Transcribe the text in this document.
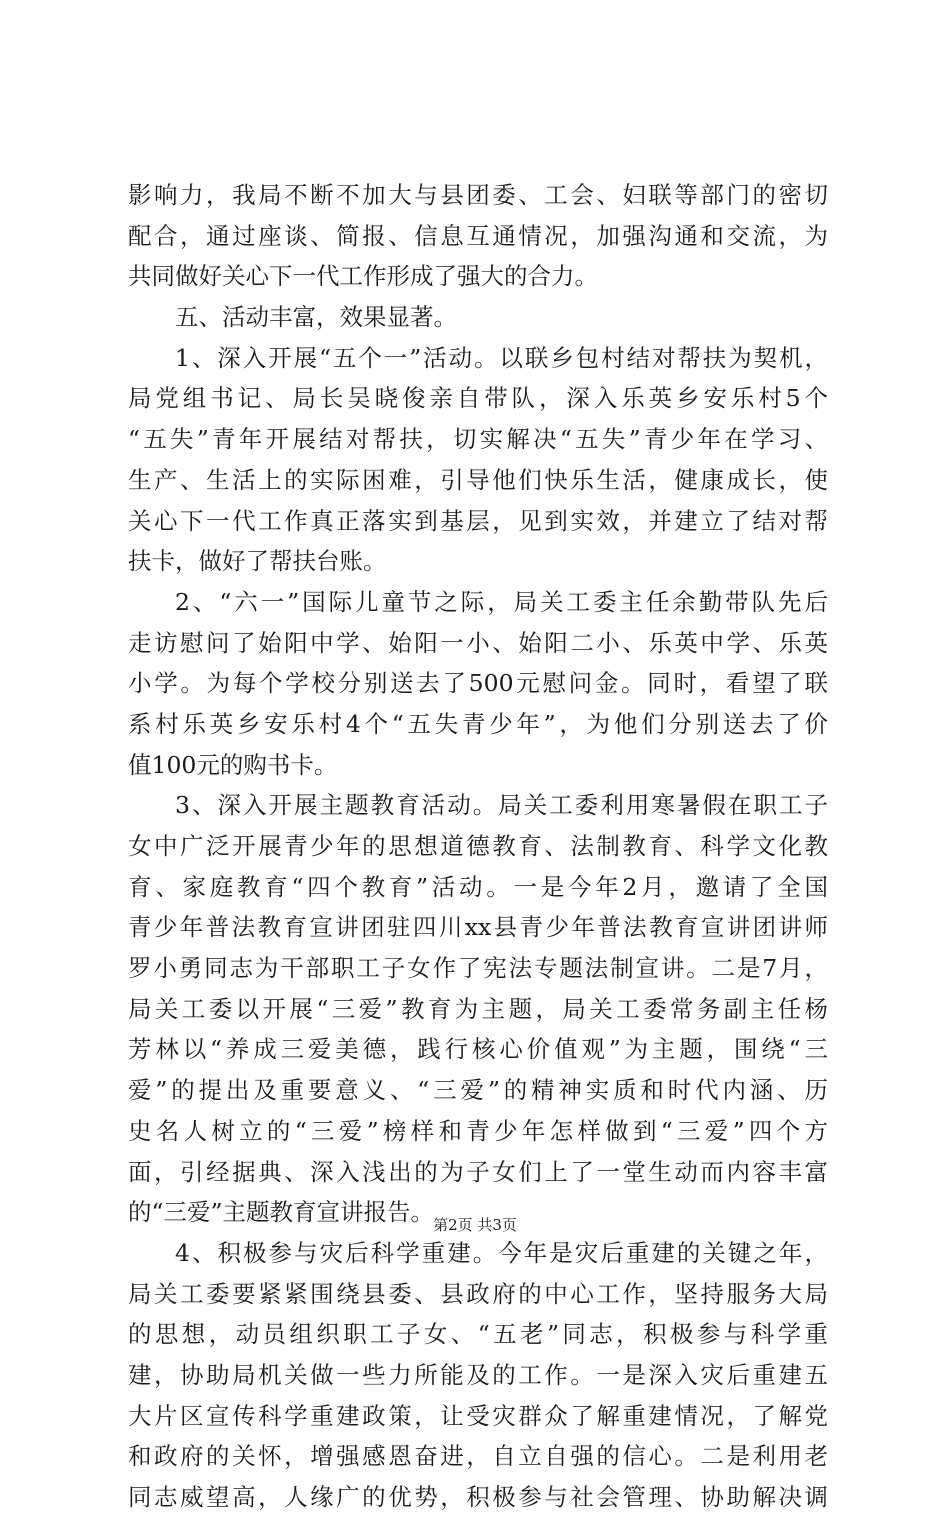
影响力，我局不断不加大与县团委、工会、妇联等部门的密切
配合，通过座谈、简报、信息互通情况，加强沟通和交流，为
共同做好关心下一代工作形成了强大的合力。
五、活动丰富，效果显著。
1、深入开展“五个一”活动。以联乡包村结对帮扶为契机，
局党组书记、局长吴晓俊亲自带队，深入乐英乡安乐村5个
“五失”青年开展结对帮扶，切实解决“五失”青少年在学习、
生产、生活上的实际困难，引导他们快乐生活，健康成长，使
关心下一代工作真正落实到基层，见到实效，并建立了结对帮
扶卡，做好了帮扶台账。
2、“六一”国际儿童节之际，局关工委主任余勤带队先后
走访慰问了始阳中学、始阳一小、始阳二小、乐英中学、乐英
小学。为每个学校分别送去了500元慰问金。同时，看望了联
系村乐英乡安乐村4个“五失青少年”，为他们分别送去了价
值100元的购书卡。
3、深入开展主题教育活动。局关工委利用寒暑假在职工子
女中广泛开展青少年的思想道德教育、法制教育、科学文化教
育、家庭教育“四个教育”活动。一是今年2月，邀请了全国
青少年普法教育宣讲团驻四川xx县青少年普法教育宣讲团讲师
罗小勇同志为干部职工子女作了宪法专题法制宣讲。二是7月，
局关工委以开展“三爱”教育为主题，局关工委常务副主任杨
芳林以“养成三爱美德，践行核心价值观”为主题，围绕“三
爱”的提出及重要意义、“三爱”的精神实质和时代内涵、历
史名人树立的“三爱”榜样和青少年怎样做到“三爱”四个方
面，引经据典、深入浅出的为子女们上了一堂生动而内容丰富
的“三爱”主题教育宣讲报告。
4、积极参与灾后科学重建。今年是灾后重建的关键之年，
局关工委要紧紧围绕县委、县政府的中心工作，坚持服务大局
的思想，动员组织职工子女、“五老”同志，积极参与科学重
建，协助局机关做一些力所能及的工作。一是深入灾后重建五
大片区宣传科学重建政策，让受灾群众了解重建情况，了解党
和政府的关怀，增强感恩奋进，自立自强的信心。二是利用老
同志威望高，人缘广的优势，积极参与社会管理、协助解决调
第2页 共3页
